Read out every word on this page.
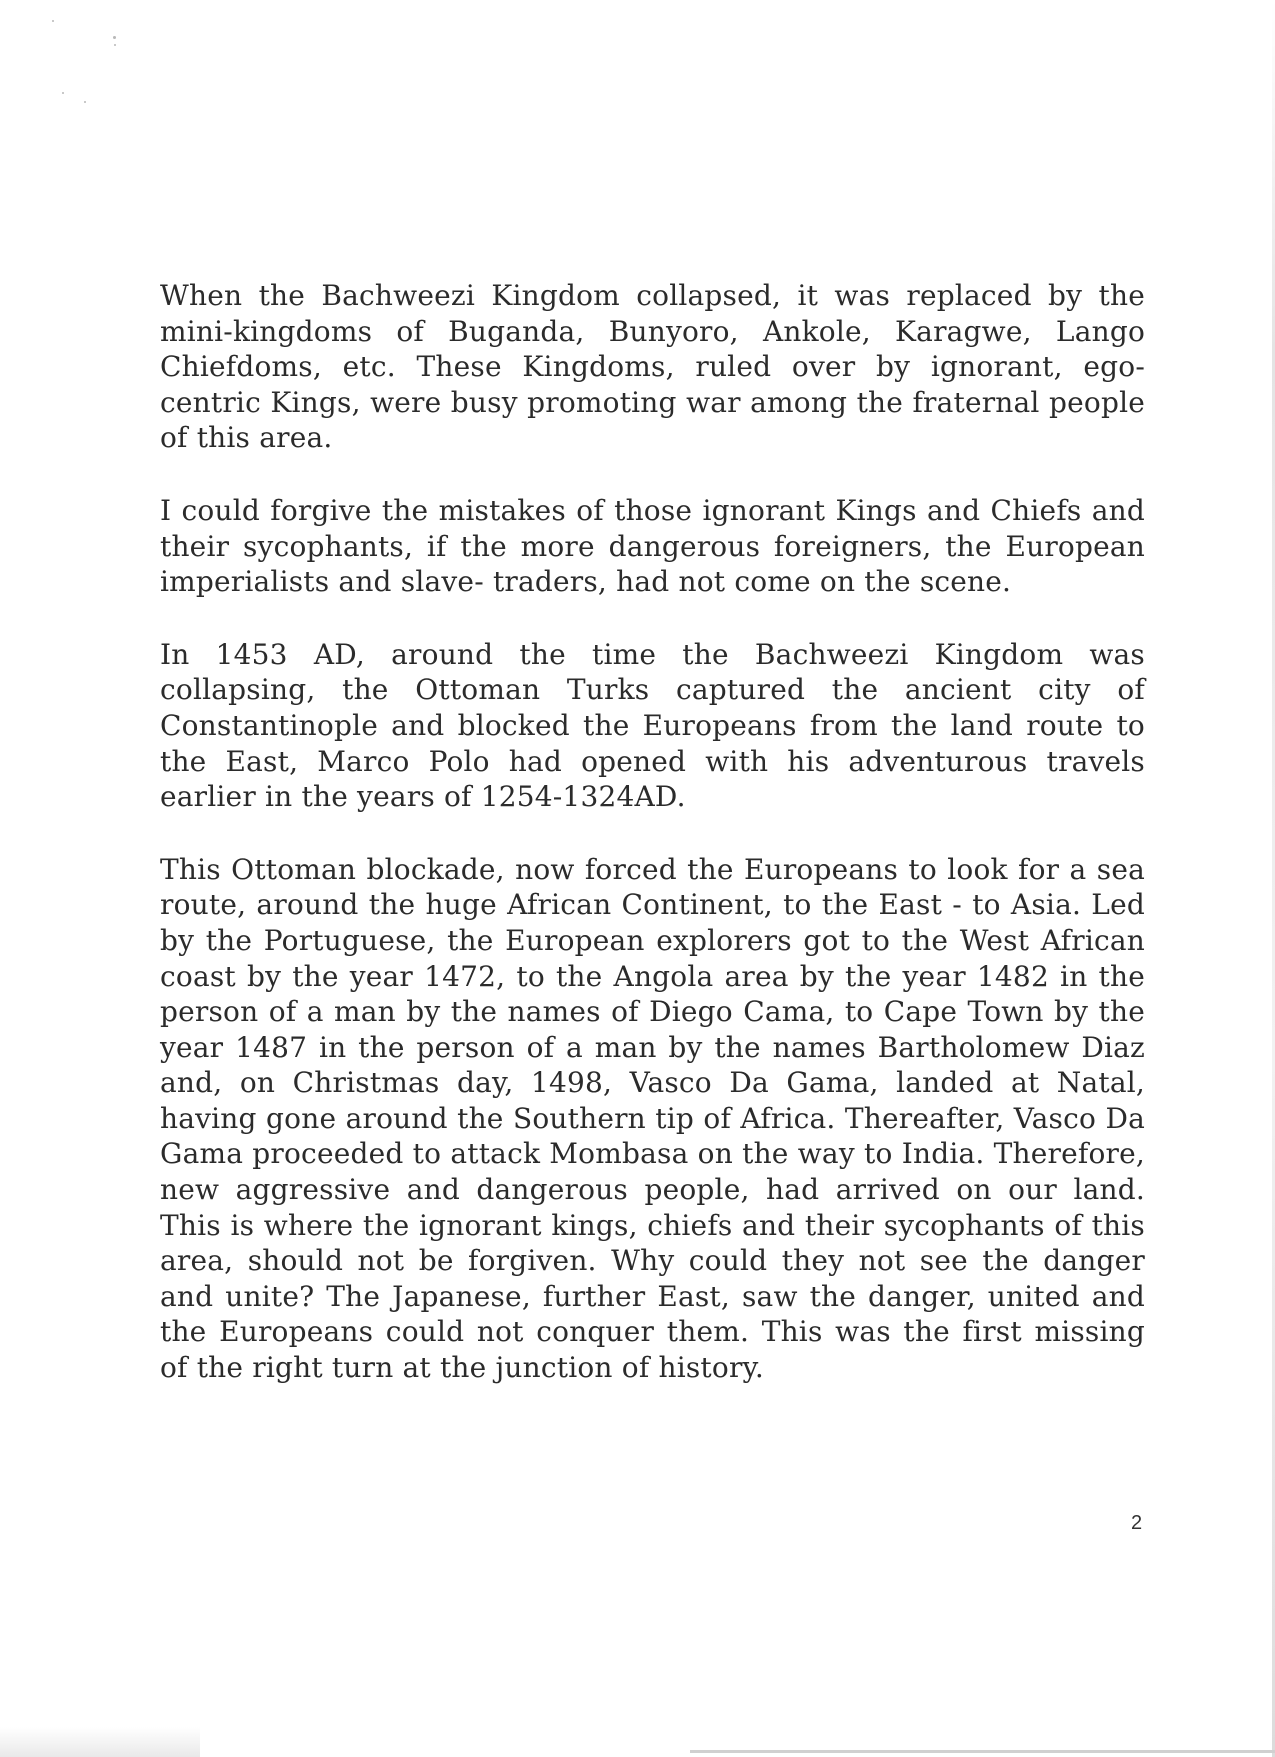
When the Bachweezi Kingdom collapsed, it was replaced by the mini-kingdoms of Buganda, Bunyoro, Ankole, Karagwe, Lango Chiefdoms, etc. These Kingdoms, ruled over by ignorant, ego-centric Kings, were busy promoting war among the fraternal people of this area.

I could forgive the mistakes of those ignorant Kings and Chiefs and their sycophants, if the more dangerous foreigners, the European imperialists and slave- traders, had not come on the scene.

In 1453 AD, around the time the Bachweezi Kingdom was collapsing, the Ottoman Turks captured the ancient city of Constantinople and blocked the Europeans from the land route to the East, Marco Polo had opened with his adventurous travels earlier in the years of 1254-1324AD.

This Ottoman blockade, now forced the Europeans to look for a sea route, around the huge African Continent, to the East - to Asia. Led by the Portuguese, the European explorers got to the West African coast by the year 1472, to the Angola area by the year 1482 in the person of a man by the names of Diego Cama, to Cape Town by the year 1487 in the person of a man by the names Bartholomew Diaz and, on Christmas day, 1498, Vasco Da Gama, landed at Natal, having gone around the Southern tip of Africa. Thereafter, Vasco Da Gama proceeded to attack Mombasa on the way to India. Therefore, new aggressive and dangerous people, had arrived on our land. This is where the ignorant kings, chiefs and their sycophants of this area, should not be forgiven. Why could they not see the danger and unite? The Japanese, further East, saw the danger, united and the Europeans could not conquer them. This was the first missing of the right turn at the junction of history.

2
